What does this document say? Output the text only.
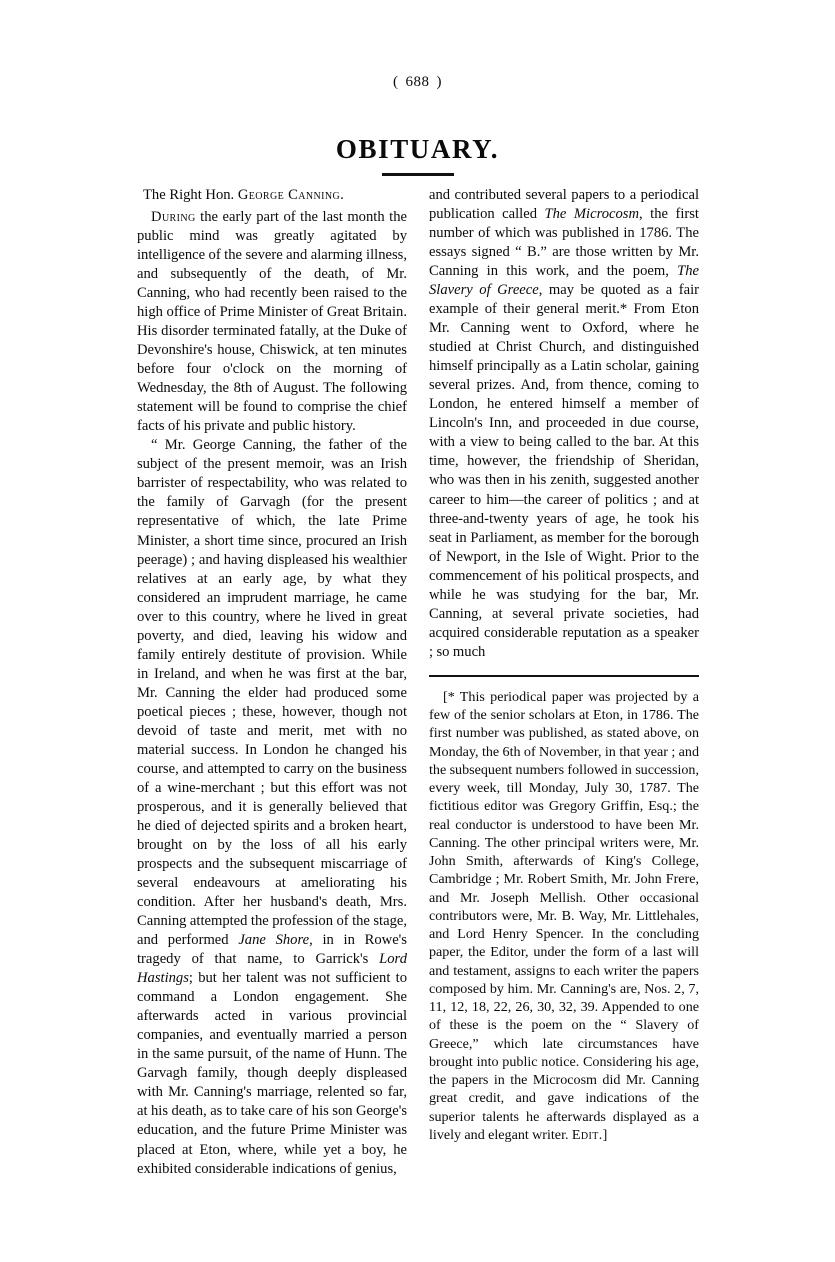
( 688 )
OBITUARY.
The Right Hon. George Canning.

During the early part of the last month the public mind was greatly agitated by intelligence of the severe and alarming illness, and subsequently of the death, of Mr. Canning, who had recently been raised to the high office of Prime Minister of Great Britain. His disorder terminated fatally, at the Duke of Devonshire's house, Chiswick, at ten minutes before four o'clock on the morning of Wednesday, the 8th of August. The following statement will be found to comprise the chief facts of his private and public history.

“ Mr. George Canning, the father of the subject of the present memoir, was an Irish barrister of respectability, who was related to the family of Garvagh (for the present representative of which, the late Prime Minister, a short time since, procured an Irish peerage) ; and having displeased his wealthier relatives at an early age, by what they considered an imprudent marriage, he came over to this country, where he lived in great poverty, and died, leaving his widow and family entirely destitute of provision. While in Ireland, and when he was first at the bar, Mr. Canning the elder had produced some poetical pieces ; these, however, though not devoid of taste and merit, met with no material success. In London he changed his course, and attempted to carry on the business of a wine-merchant ; but this effort was not prosperous, and it is generally believed that he died of dejected spirits and a broken heart, brought on by the loss of all his early prospects and the subsequent miscarriage of several endeavours at ameliorating his condition. After her husband's death, Mrs. Canning attempted the profession of the stage, and performed Jane Shore, in in Rowe's tragedy of that name, to Garrick's Lord Hastings; but her talent was not sufficient to command a London engagement. She afterwards acted in various provincial companies, and eventually married a person in the same pursuit, of the name of Hunn. The Garvagh family, though deeply displeased with Mr. Canning's marriage, relented so far, at his death, as to take care of his son George's education, and the future Prime Minister was placed at Eton, where, while yet a boy, he exhibited considerable indications of genius,

and contributed several papers to a periodical publication called The Microcosm, the first number of which was published in 1786. The essays signed “ B.” are those written by Mr. Canning in this work, and the poem, The Slavery of Greece, may be quoted as a fair example of their general merit.* From Eton Mr. Canning went to Oxford, where he studied at Christ Church, and distinguished himself principally as a Latin scholar, gaining several prizes. And, from thence, coming to London, he entered himself a member of Lincoln's Inn, and proceeded in due course, with a view to being called to the bar. At this time, however, the friendship of Sheridan, who was then in his zenith, suggested another career to him—the career of politics ; and at three-and-twenty years of age, he took his seat in Parliament, as member for the borough of Newport, in the Isle of Wight. Prior to the commencement of his political prospects, and while he was studying for the bar, Mr. Canning, at several private societies, had acquired considerable reputation as a speaker ; so much

[* This periodical paper was projected by a few of the senior scholars at Eton, in 1786. The first number was published, as stated above, on Monday, the 6th of November, in that year ; and the subsequent numbers followed in succession, every week, till Monday, July 30, 1787. The fictitious editor was Gregory Griffin, Esq.; the real conductor is understood to have been Mr. Canning. The other principal writers were, Mr. John Smith, afterwards of King's College, Cambridge ; Mr. Robert Smith, Mr. John Frere, and Mr. Joseph Mellish. Other occasional contributors were, Mr. B. Way, Mr. Littlehales, and Lord Henry Spencer. In the concluding paper, the Editor, under the form of a last will and testament, assigns to each writer the papers composed by him. Mr. Canning's are, Nos. 2, 7, 11, 12, 18, 22, 26, 30, 32, 39. Appended to one of these is the poem on the “ Slavery of Greece,” which late circumstances have brought into public notice. Considering his age, the papers in the Microcosm did Mr. Canning great credit, and gave indications of the superior talents he afterwards displayed as a lively and elegant writer. Edit.]
